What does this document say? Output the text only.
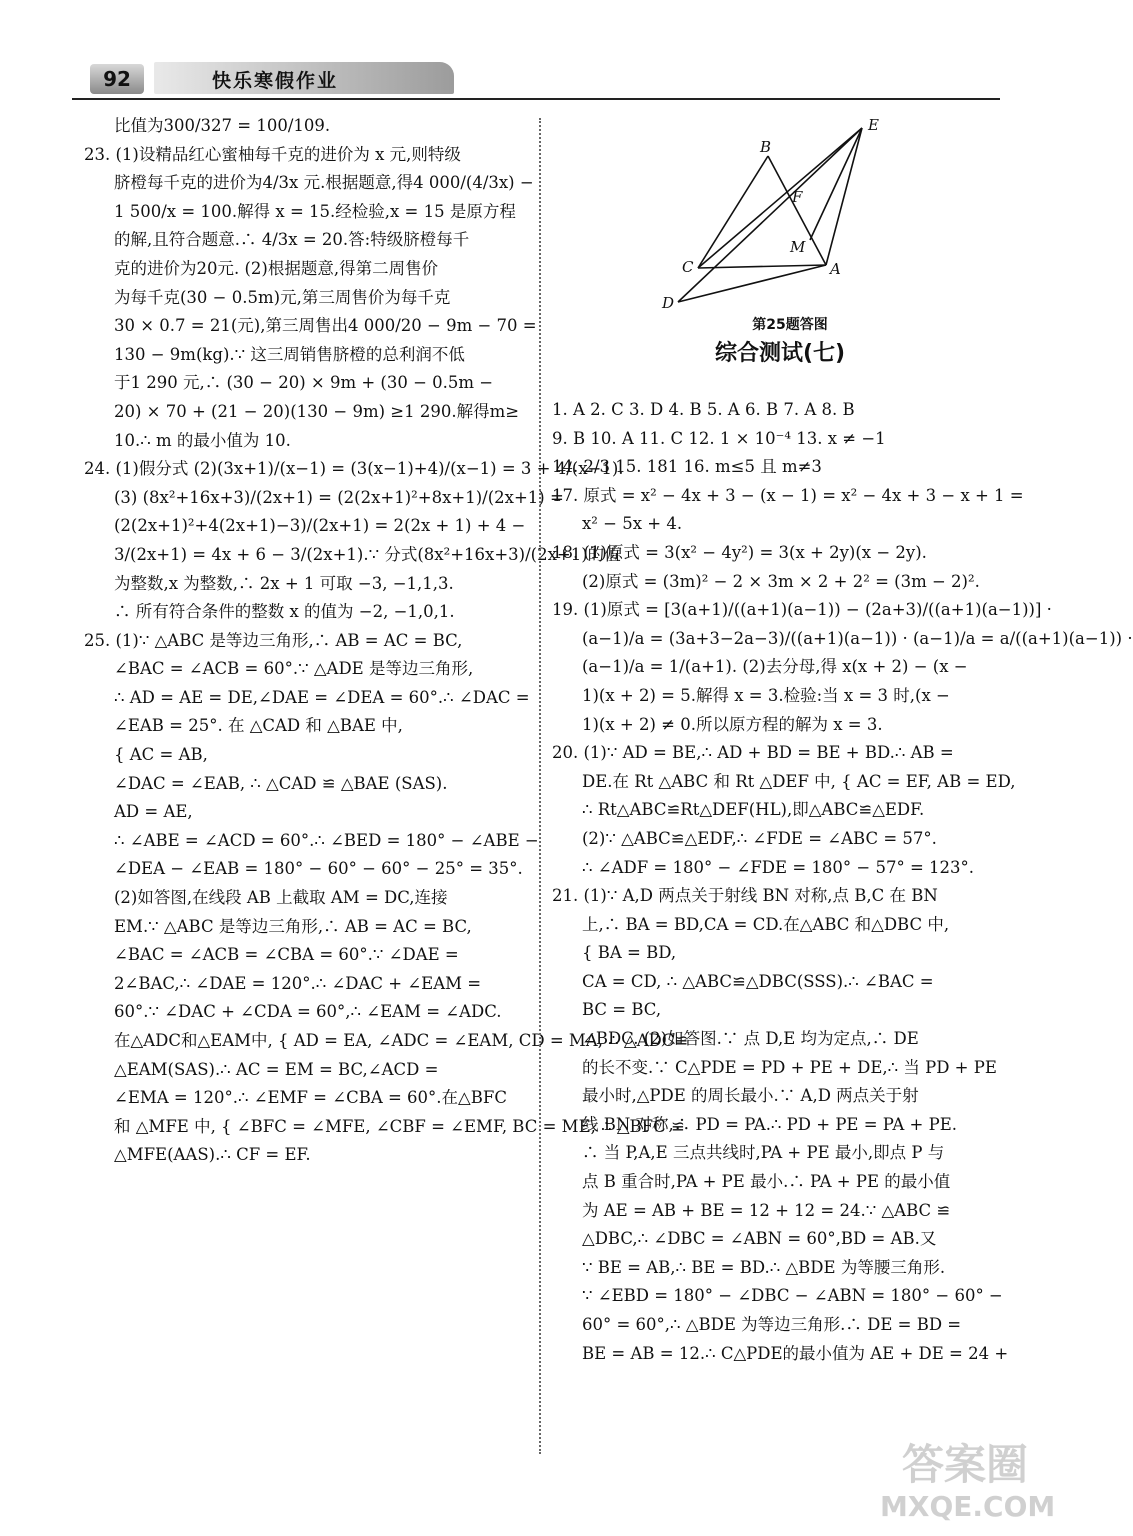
92	快乐寒假作业
比值为300/327 = 100/109.
23. (1)设精品红心蜜柚每千克的进价为 x 元,则特级
脐橙每千克的进价为4/3x 元.根据题意,得4 000/(4/3x) −
1 500/x = 100.解得 x = 15.经检验,x = 15 是原方程
的解,且符合题意.∴ 4/3x = 20.答:特级脐橙每千
克的进价为20元. (2)根据题意,得第二周售价
为每千克(30 − 0.5m)元,第三周售价为每千克
30 × 0.7 = 21(元),第三周售出4 000/20 − 9m − 70 =
130 − 9m(kg).∵ 这三周销售脐橙的总利润不低
于1 290 元,∴ (30 − 20) × 9m + (30 − 0.5m −
20) × 70 + (21 − 20)(130 − 9m) ≥1 290.解得m≥
10.∴ m 的最小值为 10.
24. (1)假分式 (2)(3x+1)/(x−1) = (3(x−1)+4)/(x−1) = 3 + 4/(x−1).
(3) (8x²+16x+3)/(2x+1) = (2(2x+1)²+8x+1)/(2x+1) =
(2(2x+1)²+4(2x+1)−3)/(2x+1) = 2(2x + 1) + 4 −
3/(2x+1) = 4x + 6 − 3/(2x+1).∵ 分式(8x²+16x+3)/(2x+1)的值
为整数,x 为整数,∴ 2x + 1 可取 −3, −1,1,3.
∴ 所有符合条件的整数 x 的值为 −2, −1,0,1.
25. (1)∵ △ABC 是等边三角形,∴ AB = AC = BC,
∠BAC = ∠ACB = 60°.∵ △ADE 是等边三角形,
∴ AD = AE = DE,∠DAE = ∠DEA = 60°.∴ ∠DAC =
∠EAB = 25°. 在 △CAD 和 △BAE 中,
{ AC = AB,
∠DAC = ∠EAB, ∴ △CAD ≌ △BAE (SAS).
AD = AE,
∴ ∠ABE = ∠ACD = 60°.∴ ∠BED = 180° − ∠ABE −
∠DEA − ∠EAB = 180° − 60° − 60° − 25° = 35°.
(2)如答图,在线段 AB 上截取 AM = DC,连接
EM.∵ △ABC 是等边三角形,∴ AB = AC = BC,
∠BAC = ∠ACB = ∠CBA = 60°.∵ ∠DAE =
2∠BAC,∴ ∠DAE = 120°.∴ ∠DAC + ∠EAM =
60°.∵ ∠DAC + ∠CDA = 60°,∴ ∠EAM = ∠ADC.
在△ADC和△EAM中, { AD = EA, ∠ADC = ∠EAM, CD = MA, ∴ △ADC≌
△EAM(SAS).∴ AC = EM = BC,∠ACD =
∠EMA = 120°.∴ ∠EMF = ∠CBA = 60°.在△BFC
和 △MFE 中, { ∠BFC = ∠MFE, ∠CBF = ∠EMF, BC = ME, ∴ △BFC ≌
△MFE(AAS).∴ CF = EF.
E
B
F
M
C	A
D
第25题答图
综合测试(七)
1. A 2. C 3. D 4. B 5. A 6. B 7. A 8. B
9. B 10. A 11. C 12. 1 × 10⁻⁴ 13. x ≠ −1
14. 2/3 15. 181 16. m≤5 且 m≠3
17. 原式 = x² − 4x + 3 − (x − 1) = x² − 4x + 3 − x + 1 =
x² − 5x + 4.
18. (1)原式 = 3(x² − 4y²) = 3(x + 2y)(x − 2y).
(2)原式 = (3m)² − 2 × 3m × 2 + 2² = (3m − 2)².
19. (1)原式 = [3(a+1)/((a+1)(a−1)) − (2a+3)/((a+1)(a−1))] ·
(a−1)/a = (3a+3−2a−3)/((a+1)(a−1)) · (a−1)/a = a/((a+1)(a−1)) ·
(a−1)/a = 1/(a+1). (2)去分母,得 x(x + 2) − (x −
1)(x + 2) = 5.解得 x = 3.检验:当 x = 3 时,(x −
1)(x + 2) ≠ 0.所以原方程的解为 x = 3.
20. (1)∵ AD = BE,∴ AD + BD = BE + BD.∴ AB =
DE.在 Rt △ABC 和 Rt △DEF 中, { AC = EF, AB = ED,
∴ Rt△ABC≌Rt△DEF(HL),即△ABC≌△EDF.
(2)∵ △ABC≌△EDF,∴ ∠FDE = ∠ABC = 57°.
∴ ∠ADF = 180° − ∠FDE = 180° − 57° = 123°.
21. (1)∵ A,D 两点关于射线 BN 对称,点 B,C 在 BN
上,∴ BA = BD,CA = CD.在△ABC 和△DBC 中,
{ BA = BD,
CA = CD, ∴ △ABC≌△DBC(SSS).∴ ∠BAC =
BC = BC,
∠BDC. (2)如答图.∵ 点 D,E 均为定点,∴ DE
的长不变.∵ C△PDE = PD + PE + DE,∴ 当 PD + PE
最小时,△PDE 的周长最小.∵ A,D 两点关于射
线 BN 对称,∴ PD = PA.∴ PD + PE = PA + PE.
∴ 当 P,A,E 三点共线时,PA + PE 最小,即点 P 与
点 B 重合时,PA + PE 最小.∴ PA + PE 的最小值
为 AE = AB + BE = 12 + 12 = 24.∵ △ABC ≌
△DBC,∴ ∠DBC = ∠ABN = 60°,BD = AB.又
∵ BE = AB,∴ BE = BD.∴ △BDE 为等腰三角形.
∵ ∠EBD = 180° − ∠DBC − ∠ABN = 180° − 60° −
60° = 60°,∴ △BDE 为等边三角形.∴ DE = BD =
BE = AB = 12.∴ C△PDE的最小值为 AE + DE = 24 +
答案圈
MXQE.COM
